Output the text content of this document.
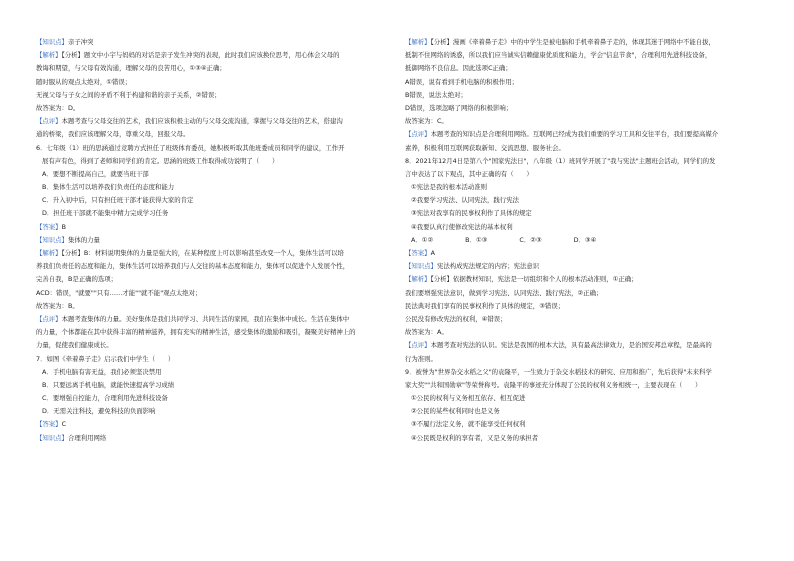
【知识点】亲子冲突
【解析】【分析】题文中小宇与妈妈的对话是亲子发生冲突的表现，此时我们应该换位思考，用心体会父母的
教诲和期望，与父母有效沟通，理解父母的良苦用心，①③④正确；
随时服从的观点太绝对，①错误；
无视父母与子女之间的矛盾不利于构建和谐的亲子关系，②错误；
故答案为：D。
【点评】本题考查与父母交往的艺术，我们应该积极主动的与父母交流沟通，掌握与父母交往的艺术，搭建沟
通的桥梁，我们应该理解父母，尊重父母，回报父母。
6．七年级（1）班的思涵通过竞聘方式担任了班级体育委员，她积极听取其他班委成员和同学的建议，工作开
展有声有色，得到了老师和同学们的肯定。思涵的班级工作取得成功说明了（　　）
A．要想不断提高自己，就要当班干部
B．集体生活可以培养我们负责任的态度和能力
C．升入初中后，只有担任班干部才能获得大家的肯定
D．担任班干部就不能集中精力完成学习任务
【答案】B
【知识点】集体的力量
【解析】【分析】B：材料说明集体的力量是强大的，在某种程度上可以影响甚至改变一个人，集体生活可以培
养我们负责任的态度和能力，集体生活可以培养我们与人交往的基本态度和能力，集体可以促进个人发展个性，
完善自我，B是正确的选项；
ACD：错误，"就要""只有……才能""就不能"观点太绝对；
故答案为：B。
【点评】本题考查集体的力量。美好集体是我们共同学习、共同生活的家园，我们在集体中成长。生活在集体中
的力量，个体都能在其中获得丰富的精神滋养，拥有充实的精神生活，感受集体的激励和吸引，凝聚美好精神上的
力量，促使我们健康成长。
7．如图《牵着鼻子走》启示我们中学生（　　）
A．手机电脑有害无益，我们必须坚决禁用
B．只要远离手机电脑，就能快速提高学习成绩
C．要增强自控能力，合理利用先进科技设备
D．无需关注科技，避免科技的负面影响
【答案】C
【知识点】合理利用网络
【解析】【分析】漫画《牵着鼻子走》中的中学生是被电脑和手机牵着鼻子走的，体现其迷于网络中不能自拔，
抵制不住网络的诱惑，所以我们应当诚实信赖健康优质度和能力，学会"信息节食"，合理利用先进科技设备，
抵御网络不良信息。因此选项C正确；
A错误，说有看到手机电脑的积极作用；
B错误，说法太绝对；
D错误，选项忽略了网络的积极影响；
故答案为：C。
【点评】本题考查的知识点是合理利用网络。互联网已经成为我们重要的学习工具和交往平台，我们要提高媒介
素养，积极利用互联网获取新知、交流思想、服务社会。
8．2021年12月4日是第八个"国家宪法日"，八年级（1）班同学开展了"我与宪法"主题班会活动，同学们的发
言中表达了以下观点，其中正确的有（　　）
①宪法是我的根本活动准则
②我要学习宪法、认同宪法，践行宪法
③宪法对我享有的民事权利作了具体的规定
④我要认真行使修改宪法的基本权利
A．①②　　　　　B．①③　　　　　C．②③　　　　　D．③④
【答案】A
【知识点】宪法构成宪法规定的内容；宪法意识
【解析】【分析】依据教材知识，宪法是一切组织和个人的根本活动准则，①正确；
我们要增强宪法意识，做到学习宪法、认同宪法、践行宪法，②正确；
民法典对我们享有的民事权利作了具体的规定，③错误；
公民没有修改宪法的权利，④错误；
故答案为：A。
【点评】本题考查对宪法的认识。宪法是我国的根本大法，具有最高法律效力，是治国安邦总章程，是最高的
行为准则。
9．被誉为"世界杂交水稻之父"的袁隆平，一生致力于杂交水稻技术的研究、应用和推广，先后获得"未来科学
家大奖""共和国勋章"等荣誉称号。袁隆平的事迹充分体现了公民的权利义务相统一，主要表现在（　　）
①公民的权利与义务相互依存、相互促进
②公民的某些权利同时也是义务
③不履行法定义务，就不能享受任何权利
④公民既是权利的享有者，又是义务的承担者
